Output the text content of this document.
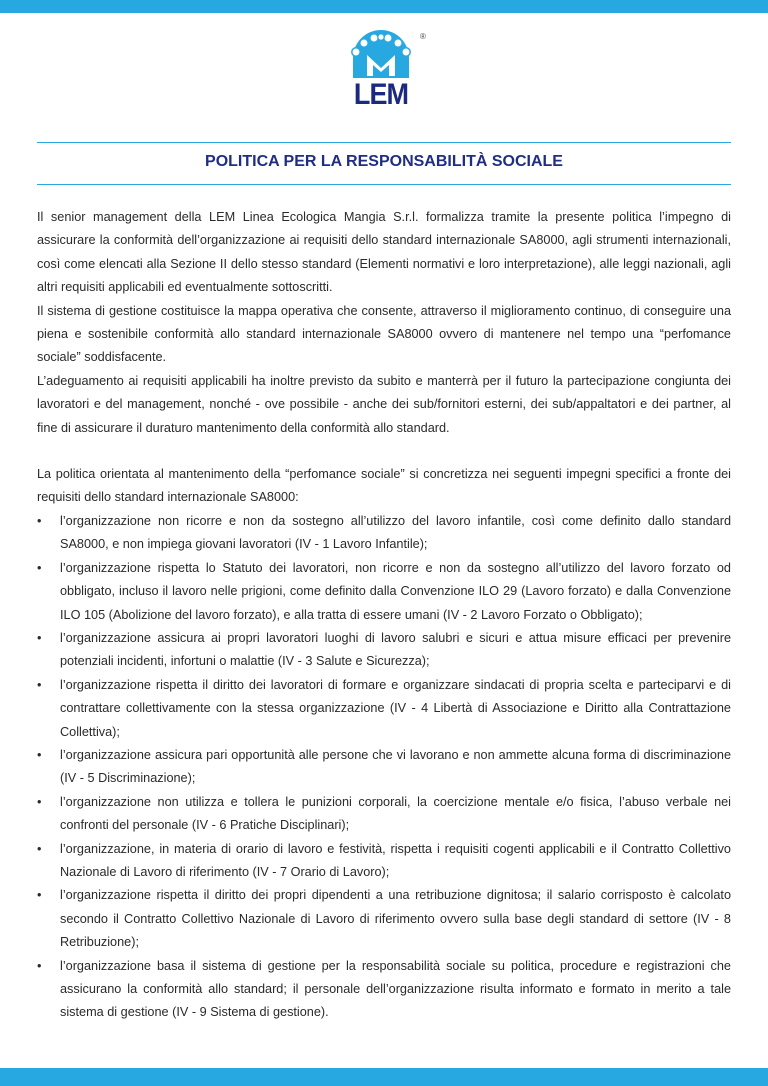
LEM
®
POLITICA PER LA RESPONSABILITÀ SOCIALE

Il senior management della LEM Linea Ecologica Mangia S.r.l. formalizza tramite la presente politica l’impegno di assicurare la conformità dell’organizzazione ai requisiti dello standard internazionale SA8000, agli strumenti internazionali, così come elencati alla Sezione II dello stesso standard (Elementi normativi e loro interpretazione), alle leggi nazionali, agli altri requisiti applicabili ed eventualmente sottoscritti.

Il sistema di gestione costituisce la mappa operativa che consente, attraverso il miglioramento continuo, di conseguire una piena e sostenibile conformità allo standard internazionale SA8000 ovvero di mantenere nel tempo una “perfomance sociale” soddisfacente.

L’adeguamento ai requisiti applicabili ha inoltre previsto da subito e manterrà per il futuro la partecipazione congiunta dei lavoratori e del management, nonché - ove possibile - anche dei sub/fornitori esterni, dei sub/appaltatori e dei partner, al fine di assicurare il duraturo mantenimento della conformità allo standard.

La politica orientata al mantenimento della “perfomance sociale” si concretizza nei seguenti impegni specifici a fronte dei requisiti dello standard internazionale SA8000:

• l’organizzazione non ricorre e non da sostegno all’utilizzo del lavoro infantile, così come definito dallo standard SA8000, e non impiega giovani lavoratori (IV - 1 Lavoro Infantile);
• l’organizzazione rispetta lo Statuto dei lavoratori, non ricorre e non da sostegno all’utilizzo del lavoro forzato od obbligato, incluso il lavoro nelle prigioni, come definito dalla Convenzione ILO 29 (Lavoro forzato) e dalla Convenzione ILO 105 (Abolizione del lavoro forzato), e alla tratta di essere umani (IV - 2 Lavoro Forzato o Obbligato);
• l’organizzazione assicura ai propri lavoratori luoghi di lavoro salubri e sicuri e attua misure efficaci per prevenire potenziali incidenti, infortuni o malattie (IV - 3 Salute e Sicurezza);
• l’organizzazione rispetta il diritto dei lavoratori di formare e organizzare sindacati di propria scelta e parteciparvi e di contrattare collettivamente con la stessa organizzazione (IV - 4 Libertà di Associazione e Diritto alla Contrattazione Collettiva);
• l’organizzazione assicura pari opportunità alle persone che vi lavorano e non ammette alcuna forma di discriminazione (IV - 5 Discriminazione);
• l’organizzazione non utilizza e tollera le punizioni corporali, la coercizione mentale e/o fisica, l’abuso verbale nei confronti del personale (IV - 6 Pratiche Disciplinari);
• l’organizzazione, in materia di orario di lavoro e festività, rispetta i requisiti cogenti applicabili e il Contratto Collettivo Nazionale di Lavoro di riferimento (IV - 7 Orario di Lavoro);
• l’organizzazione rispetta il diritto dei propri dipendenti a una retribuzione dignitosa; il salario corrisposto è calcolato secondo il Contratto Collettivo Nazionale di Lavoro di riferimento ovvero sulla base degli standard di settore (IV - 8 Retribuzione);
• l’organizzazione basa il sistema di gestione per la responsabilità sociale su politica, procedure e registrazioni che assicurano la conformità allo standard; il personale dell’organizzazione risulta informato e formato in merito a tale sistema di gestione (IV - 9 Sistema di gestione).
